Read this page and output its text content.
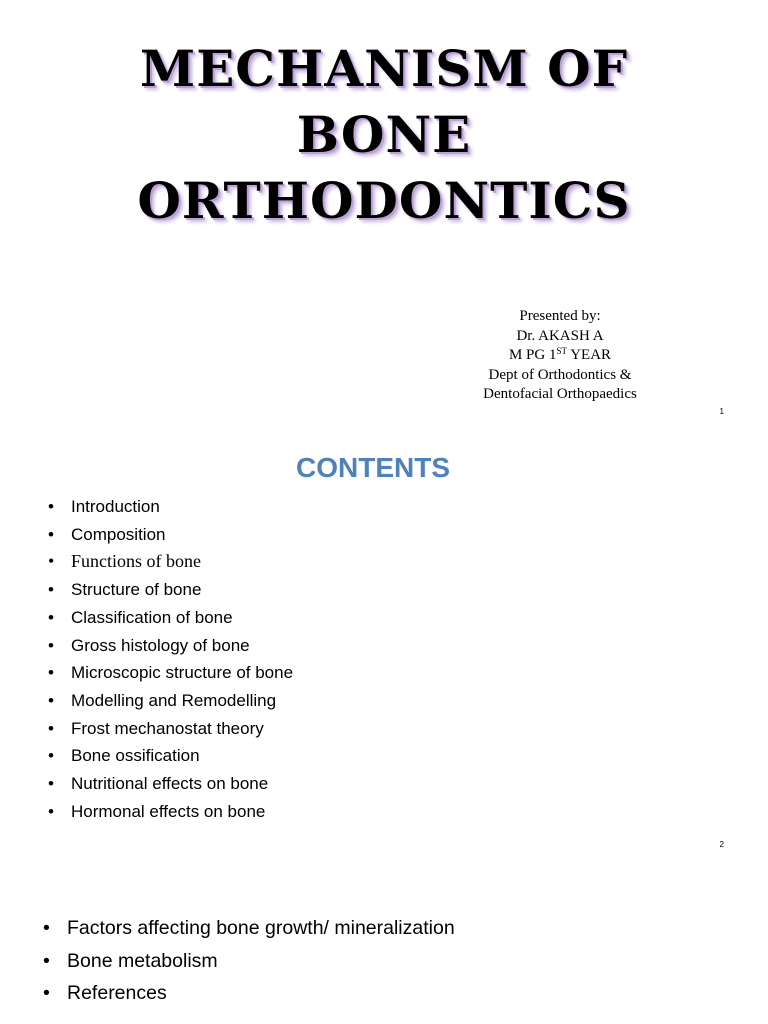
MECHANISM OF
BONE
ORTHODONTICS
Presented by:
Dr. AKASH A
M PG 1ST YEAR
Dept of Orthodontics &
Dentofacial Orthopaedics
1
CONTENTS
• Introduction
• Composition
• Functions of bone
• Structure of bone
• Classification of bone
• Gross histology of bone
• Microscopic structure of bone
• Modelling and Remodelling
• Frost mechanostat theory
• Bone ossification
• Nutritional effects on bone
• Hormonal effects on bone
2
• Factors affecting bone growth/ mineralization
• Bone metabolism
• References
